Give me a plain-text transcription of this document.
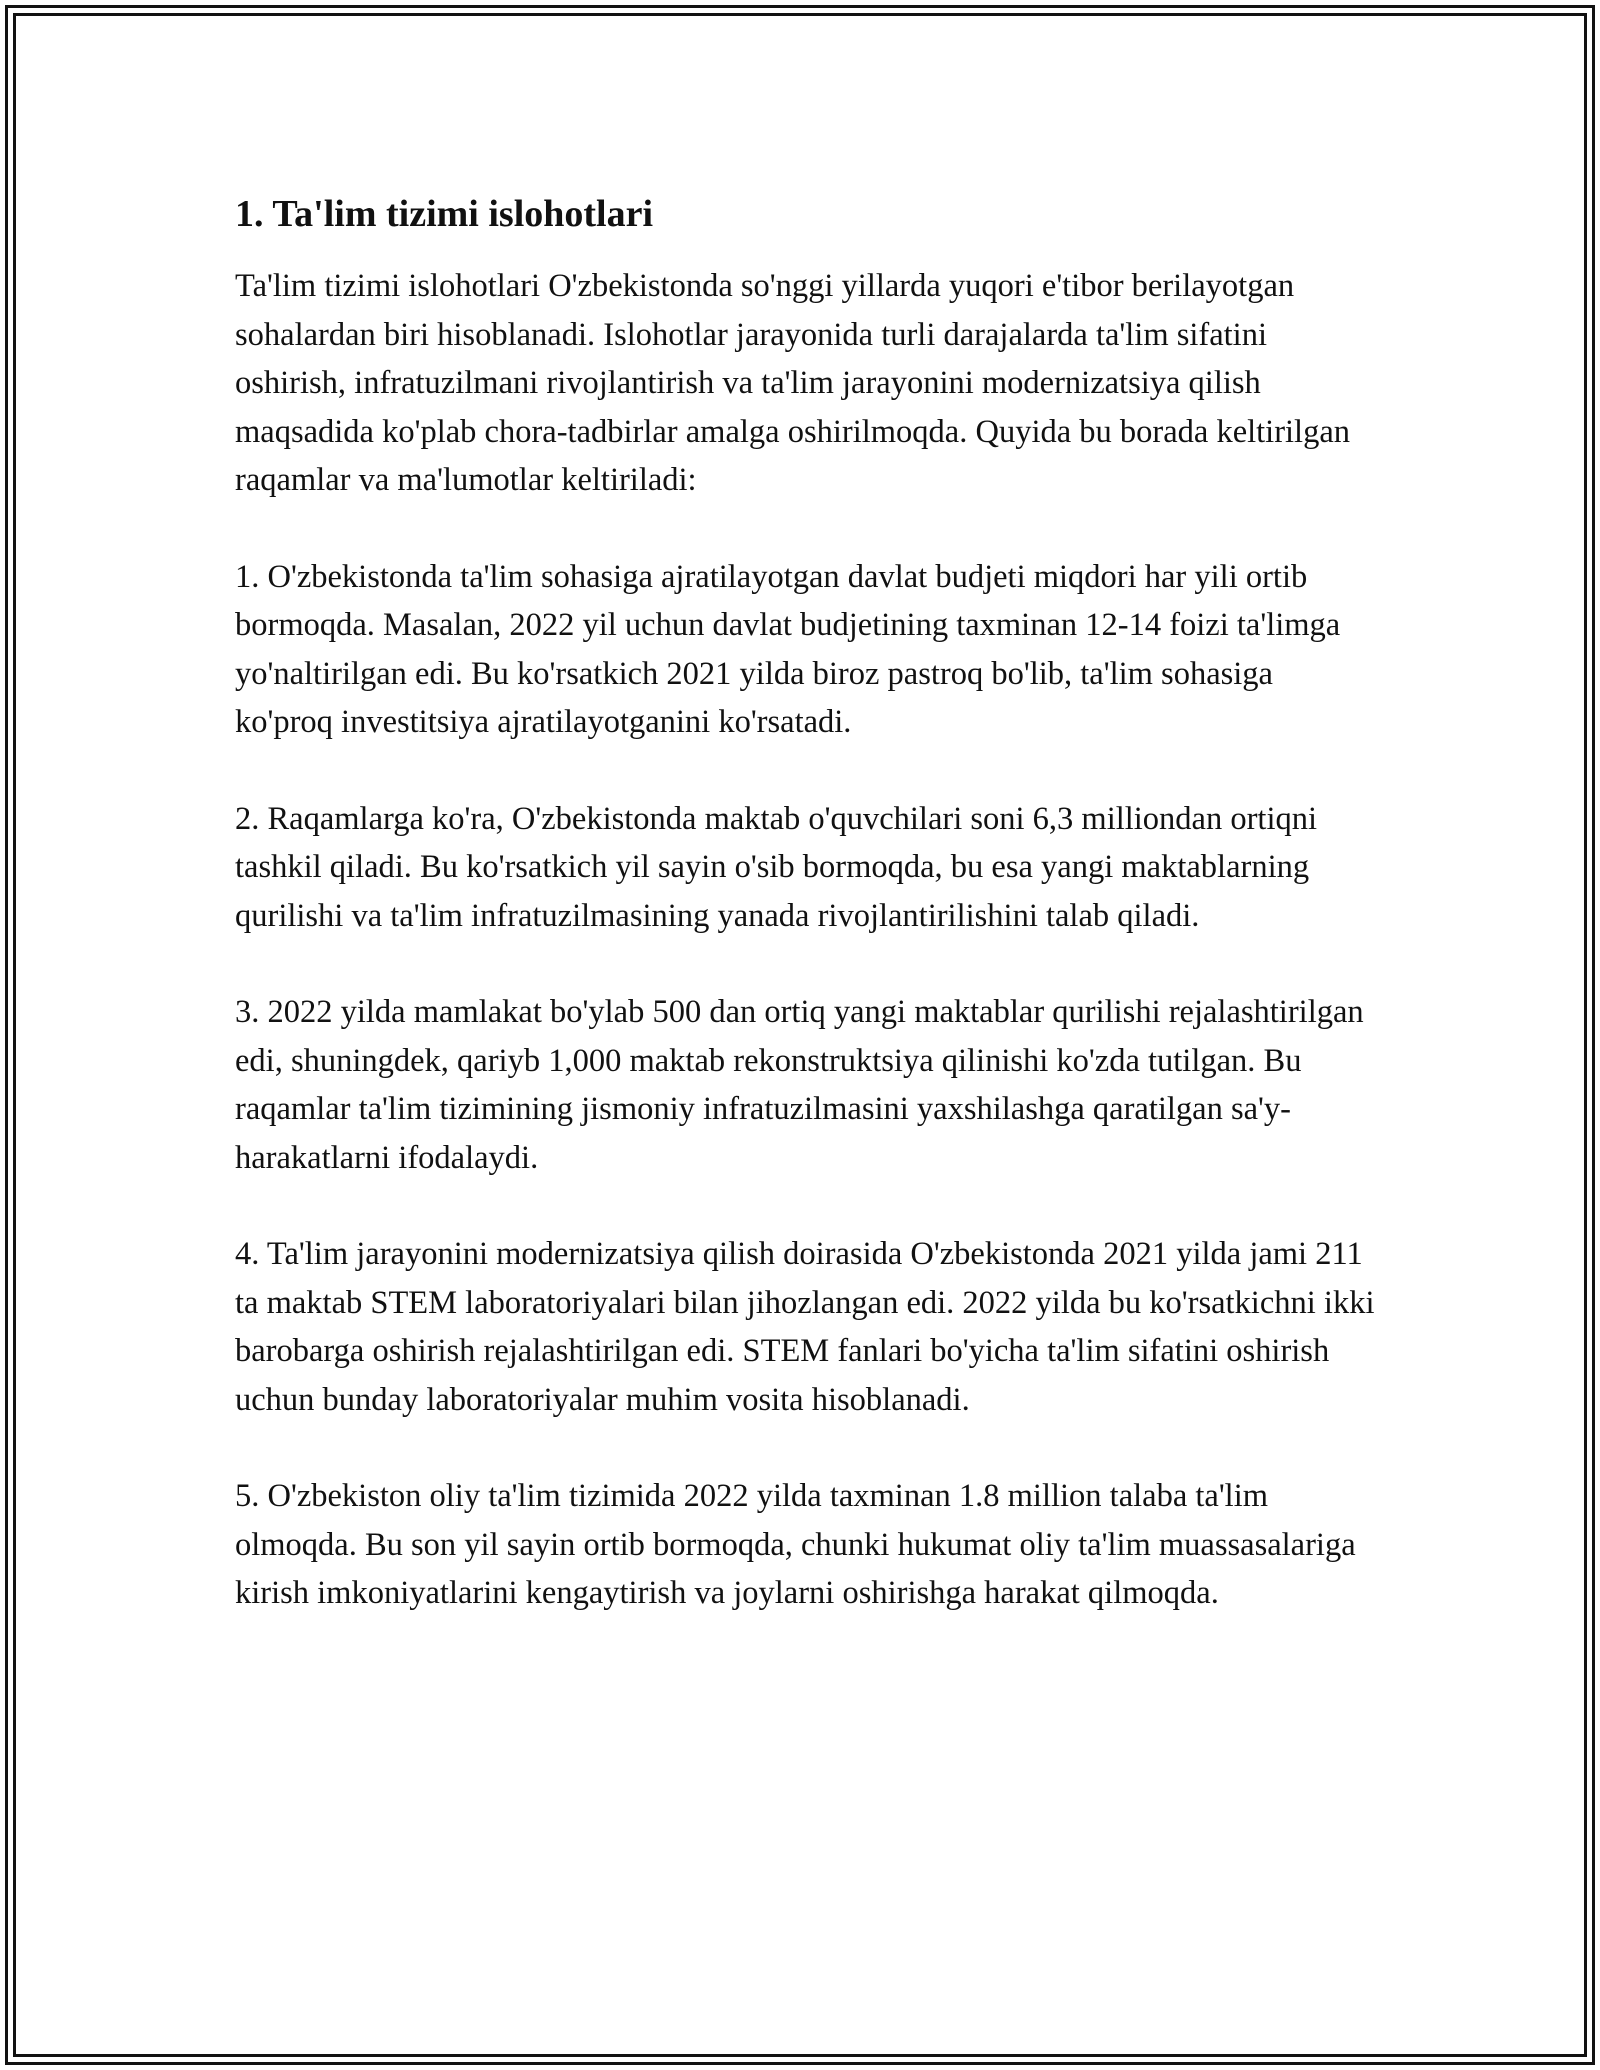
1. Ta'lim tizimi islohotlari

Ta'lim tizimi islohotlari O'zbekistonda so'nggi yillarda yuqori e'tibor berilayotgan sohalardan biri hisoblanadi. Islohotlar jarayonida turli darajalarda ta'lim sifatini oshirish, infratuzilmani rivojlantirish va ta'lim jarayonini modernizatsiya qilish maqsadida ko'plab chora-tadbirlar amalga oshirilmoqda. Quyida bu borada keltirilgan raqamlar va ma'lumotlar keltiriladi:

1. O'zbekistonda ta'lim sohasiga ajratilayotgan davlat budjeti miqdori har yili ortib bormoqda. Masalan, 2022 yil uchun davlat budjetining taxminan 12-14 foizi ta'limga yo'naltirilgan edi. Bu ko'rsatkich 2021 yilda biroz pastroq bo'lib, ta'lim sohasiga ko'proq investitsiya ajratilayotganini ko'rsatadi.

2. Raqamlarga ko'ra, O'zbekistonda maktab o'quvchilari soni 6,3 milliondan ortiqni tashkil qiladi. Bu ko'rsatkich yil sayin o'sib bormoqda, bu esa yangi maktablarning qurilishi va ta'lim infratuzilmasining yanada rivojlantirilishini talab qiladi.

3. 2022 yilda mamlakat bo'ylab 500 dan ortiq yangi maktablar qurilishi rejalashtirilgan edi, shuningdek, qariyb 1,000 maktab rekonstruktsiya qilinishi ko'zda tutilgan. Bu raqamlar ta'lim tizimining jismoniy infratuzilmasini yaxshilashga qaratilgan sa'y-harakatlarni ifodalaydi.

4. Ta'lim jarayonini modernizatsiya qilish doirasida O'zbekistonda 2021 yilda jami 211 ta maktab STEM laboratoriyalari bilan jihozlangan edi. 2022 yilda bu ko'rsatkichni ikki barobarga oshirish rejalashtirilgan edi. STEM fanlari bo'yicha ta'lim sifatini oshirish uchun bunday laboratoriyalar muhim vosita hisoblanadi.

5. O'zbekiston oliy ta'lim tizimida 2022 yilda taxminan 1.8 million talaba ta'lim olmoqda. Bu son yil sayin ortib bormoqda, chunki hukumat oliy ta'lim muassasalariga kirish imkoniyatlarini kengaytirish va joylarni oshirishga harakat qilmoqda.
